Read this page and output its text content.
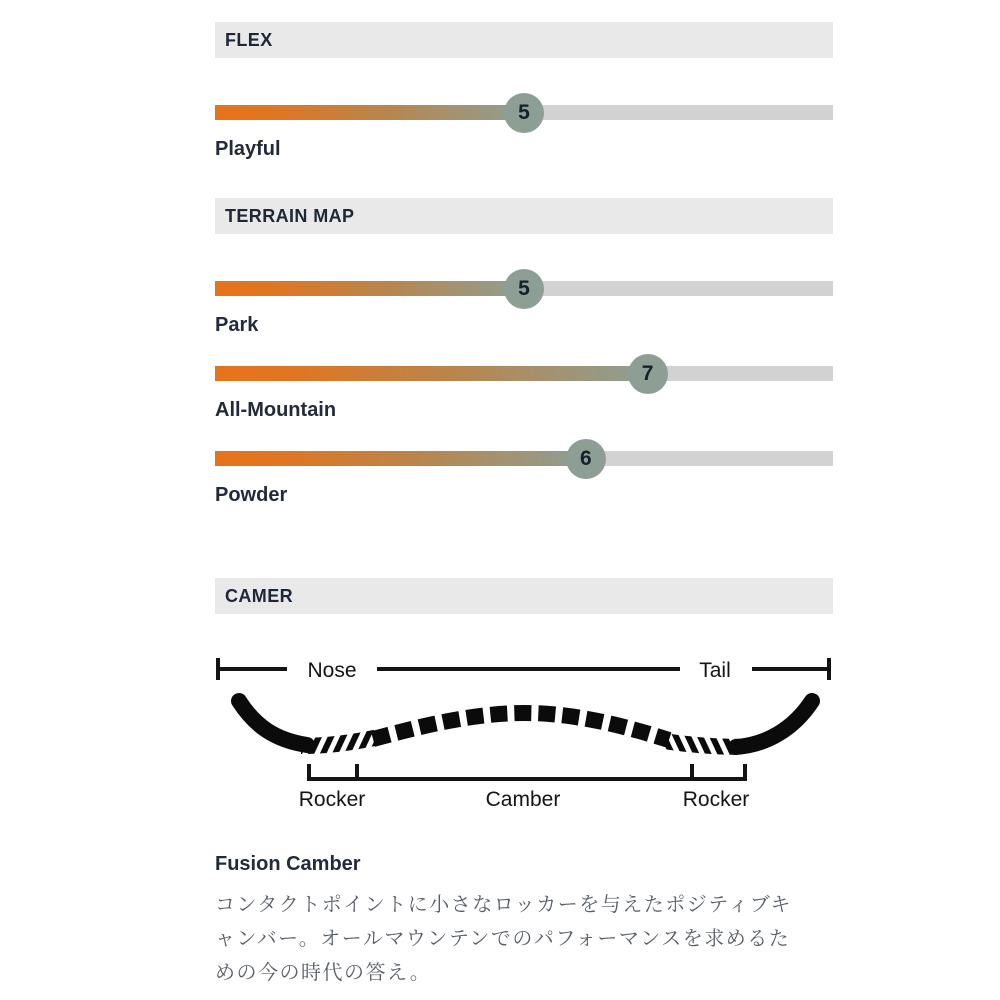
FLEX
5
Playful
TERRAIN MAP
5
Park
7
All-Mountain
6
Powder
CAMER
Nose	Tail
Rocker	Camber	Rocker
Fusion Camber
コンタクトポイントに小さなロッカーを与えたポジティブキ
ャンバー。オールマウンテンでのパフォーマンスを求めるた
めの今の時代の答え。
